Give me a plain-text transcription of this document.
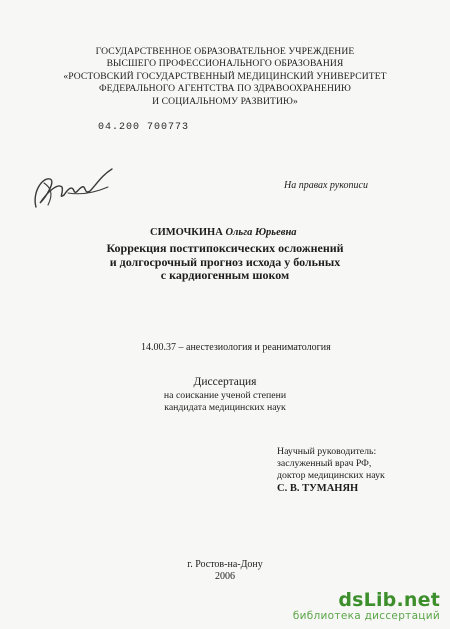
ГОСУДАРСТВЕННОЕ ОБРАЗОВАТЕЛЬНОЕ УЧРЕЖДЕНИЕ
ВЫСШЕГО ПРОФЕССИОНАЛЬНОГО ОБРАЗОВАНИЯ
«РОСТОВСКИЙ ГОСУДАРСТВЕННЫЙ МЕДИЦИНСКИЙ УНИВЕРСИТЕТ
ФЕДЕРАЛЬНОГО АГЕНТСТВА ПО ЗДРАВООХРАНЕНИЮ
И СОЦИАЛЬНОМУ РАЗВИТИЮ»
04.200 700773
На правах рукописи
СИМОЧКИНА Ольга Юрьевна
Коррекция постгипоксических осложнений
и долгосрочный прогноз исхода у больных
с кардиогенным шоком
14.00.37 – анестезиология и реаниматология
Диссертация
на соискание ученой степени
кандидата медицинских наук
Научный руководитель:
заслуженный врач РФ,
доктор медицинских наук
С. В. ТУМАНЯН
г. Ростов-на-Дону
2006
dsLib.net
библиотека диссертаций
